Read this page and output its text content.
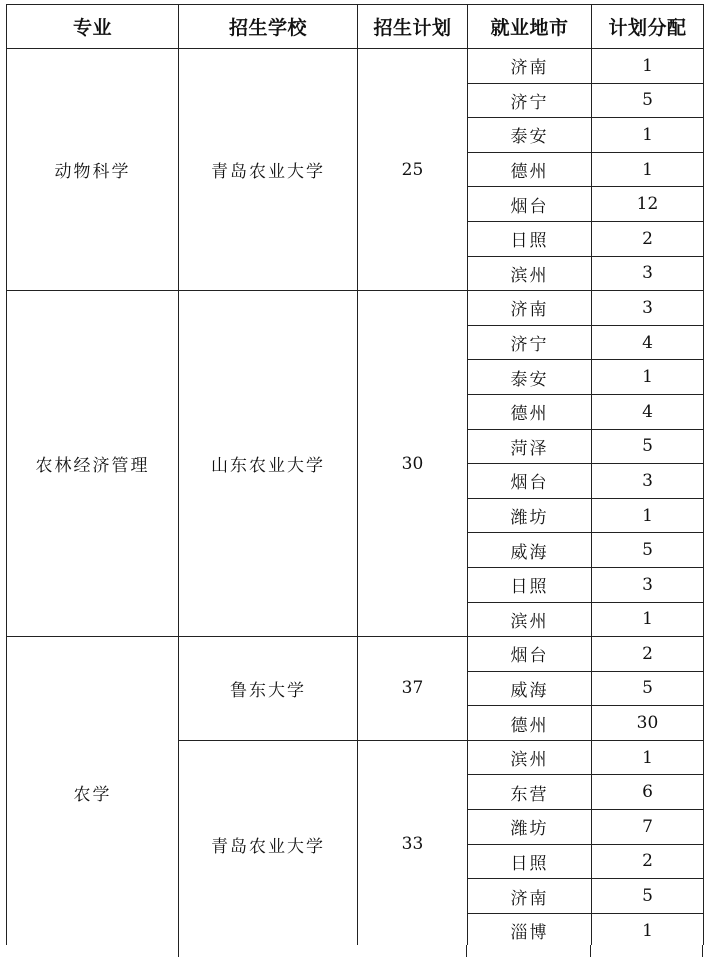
专业	招生学校	招生计划	就业地市	计划分配
动物科学	青岛农业大学	25	济南	1
			济宁	5
			泰安	1
			德州	1
			烟台	12
			日照	2
			滨州	3
农林经济管理	山东农业大学	30	济南	3
			济宁	4
			泰安	1
			德州	4
			菏泽	5
			烟台	3
			潍坊	1
			威海	5
			日照	3
			滨州	1
农学	鲁东大学	37	烟台	2
			威海	5
			德州	30
	青岛农业大学	33	滨州	1
			东营	6
			潍坊	7
			日照	2
			济南	5
			淄博	1
